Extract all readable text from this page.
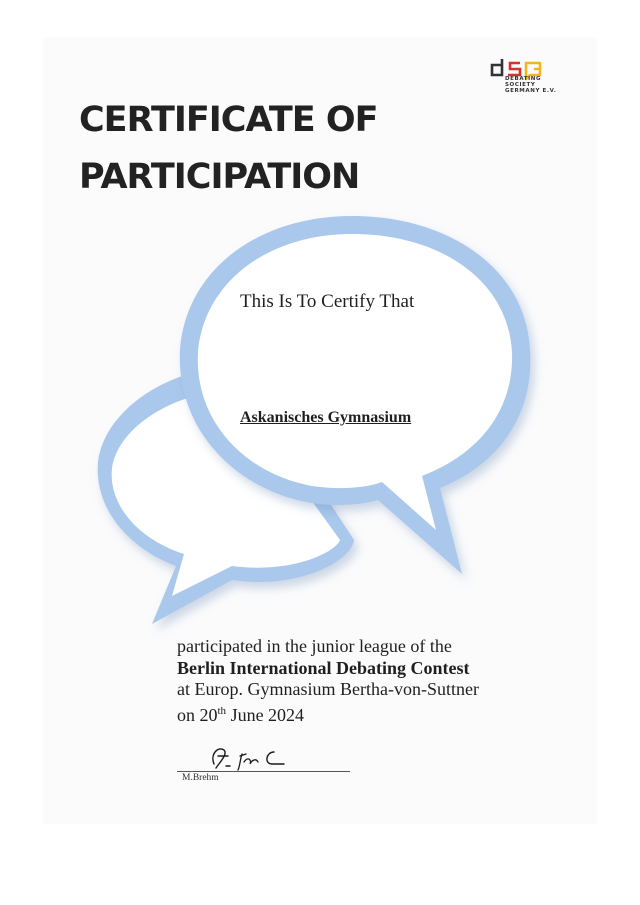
DEBATING
SOCIETY
GERMANY E.V.
CERTIFICATE OF
PARTICIPATION
This Is To Certify That
Askanisches Gymnasium
participated in the junior league of the
Berlin International Debating Contest
at Europ. Gymnasium Bertha-von-Suttner
on 20th June 2024
M.Brehm
